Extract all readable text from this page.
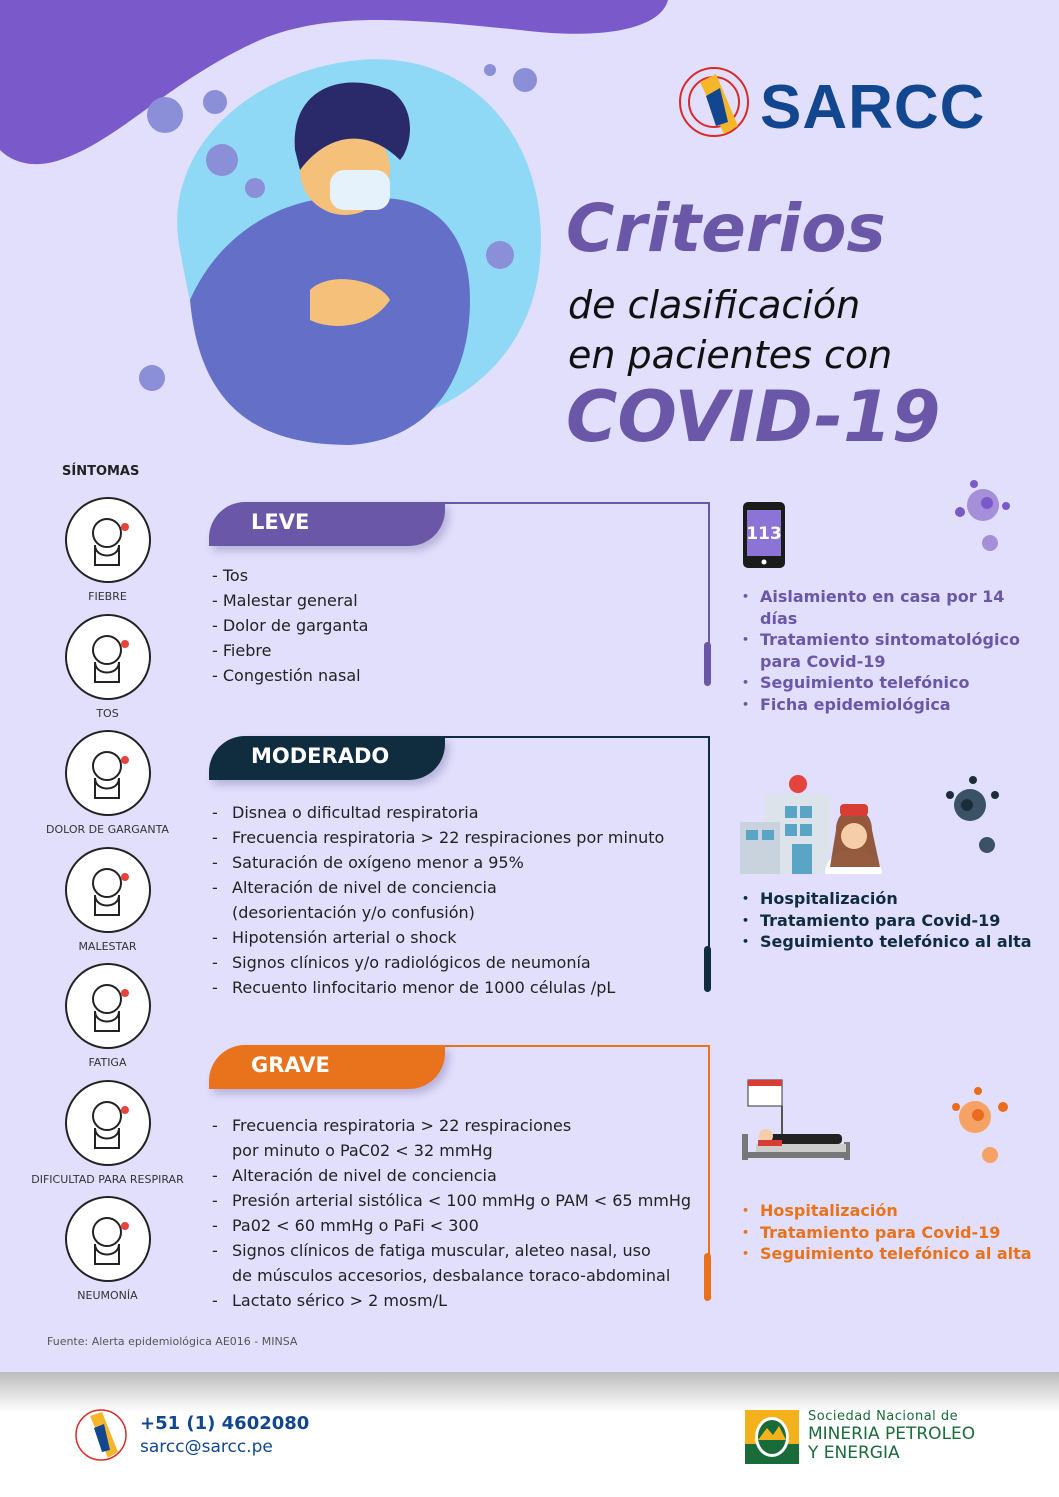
SARCC
Criterios
de clasificación
en pacientes con
COVID-19
SÍNTOMAS
FIEBRE
TOS
DOLOR DE GARGANTA
MALESTAR
FATIGA
DIFICULTAD PARA RESPIRAR
NEUMONÍA
LEVE
- Tos
- Malestar general
- Dolor de garganta
- Fiebre
- Congestión nasal
• Aislamiento en casa por 14 días
• Tratamiento sintomatológico para Covid-19
• Seguimiento telefónico
• Ficha epidemiológica
MODERADO
- Disnea o dificultad respiratoria
- Frecuencia respiratoria > 22 respiraciones por minuto
- Saturación de oxígeno menor a 95%
- Alteración de nivel de conciencia
(desorientación y/o confusión)
- Hipotensión arterial o shock
- Signos clínicos y/o radiológicos de neumonía
- Recuento linfocitario menor de 1000 células /pL
• Hospitalización
• Tratamiento para Covid-19
• Seguimiento telefónico al alta
GRAVE
- Frecuencia respiratoria > 22 respiraciones
por minuto o PaC02 < 32 mmHg
- Alteración de nivel de conciencia
- Presión arterial sistólica < 100 mmHg o PAM < 65 mmHg
- Pa02 < 60 mmHg o PaFi < 300
- Signos clínicos de fatiga muscular, aleteo nasal, uso
de músculos accesorios, desbalance toraco-abdominal
- Lactato sérico > 2 mosm/L
• Hospitalización
• Tratamiento para Covid-19
• Seguimiento telefónico al alta
113
Fuente: Alerta epidemiológica AE016 - MINSA
+51 (1) 4602080
sarcc@sarcc.pe
Sociedad Nacional de
MINERIA PETROLEO
Y ENERGIA
